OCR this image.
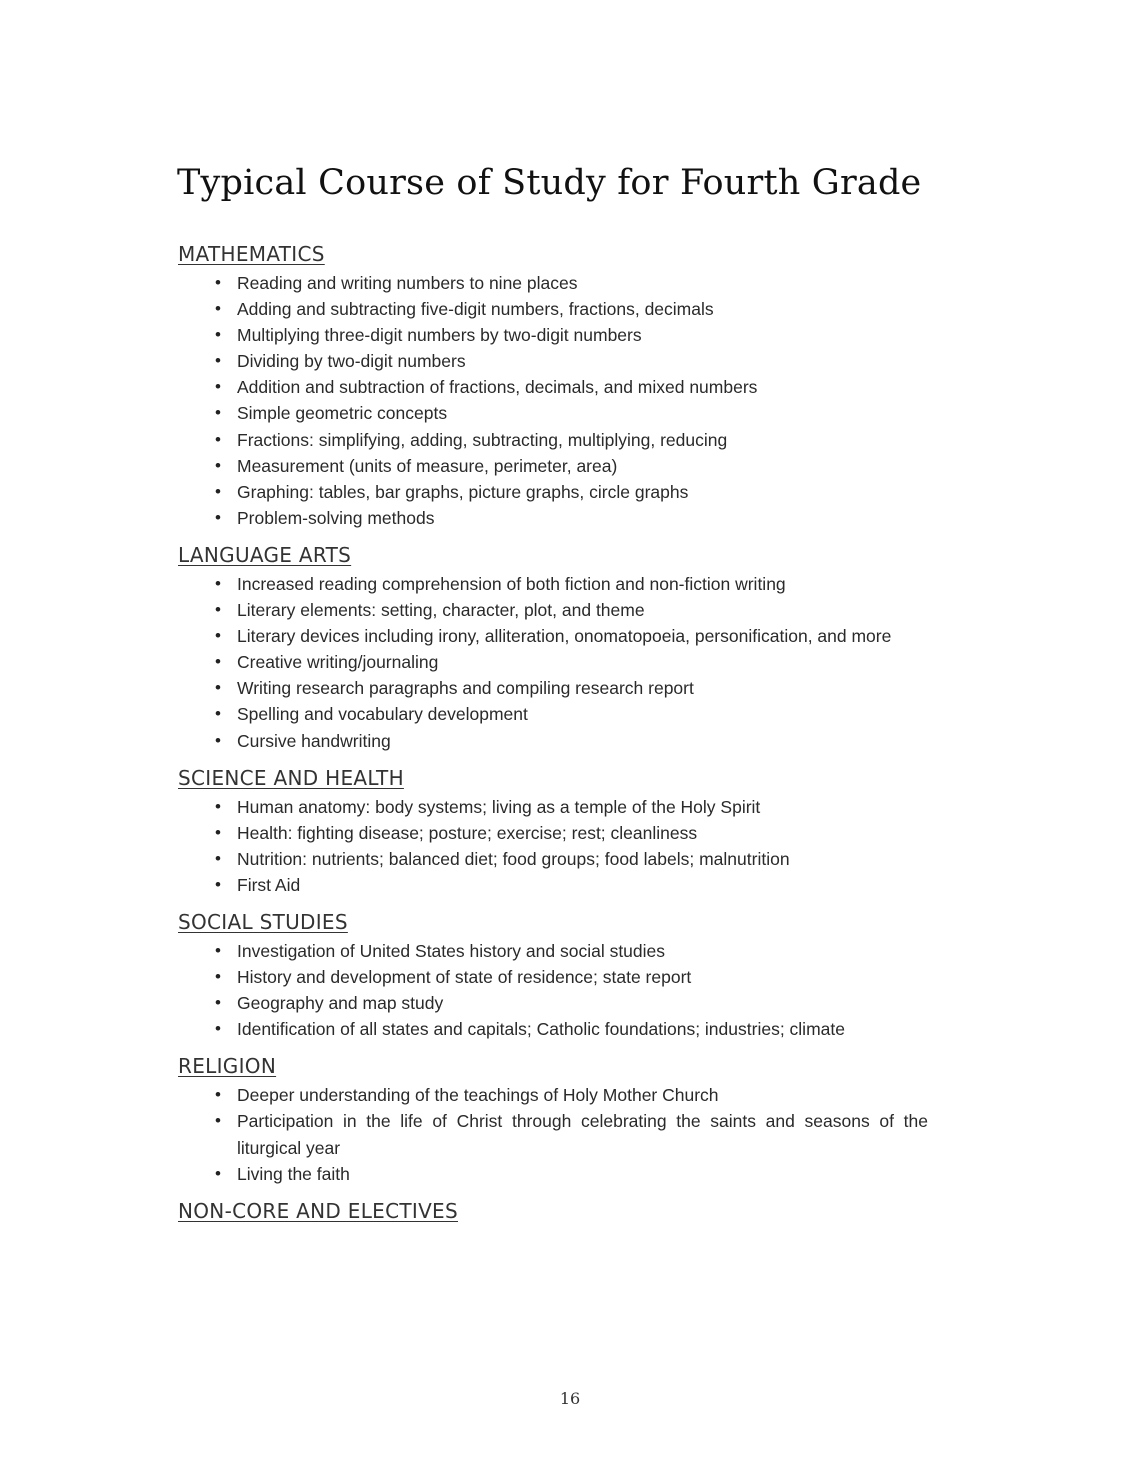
Typical Course of Study for Fourth Grade
MATHEMATICS
• Reading and writing numbers to nine places
• Adding and subtracting five-digit numbers, fractions, decimals
• Multiplying three-digit numbers by two-digit numbers
• Dividing by two-digit numbers
• Addition and subtraction of fractions, decimals, and mixed numbers
• Simple geometric concepts
• Fractions: simplifying, adding, subtracting, multiplying, reducing
• Measurement (units of measure, perimeter, area)
• Graphing: tables, bar graphs, picture graphs, circle graphs
• Problem-solving methods
LANGUAGE ARTS
• Increased reading comprehension of both fiction and non-fiction writing
• Literary elements: setting, character, plot, and theme
• Literary devices including irony, alliteration, onomatopoeia, personification, and more
• Creative writing/journaling
• Writing research paragraphs and compiling research report
• Spelling and vocabulary development
• Cursive handwriting
SCIENCE AND HEALTH
• Human anatomy: body systems; living as a temple of the Holy Spirit
• Health: fighting disease; posture; exercise; rest; cleanliness
• Nutrition: nutrients; balanced diet; food groups; food labels; malnutrition
• First Aid
SOCIAL STUDIES
• Investigation of United States history and social studies
• History and development of state of residence; state report
• Geography and map study
• Identification of all states and capitals; Catholic foundations; industries; climate
RELIGION
• Deeper understanding of the teachings of Holy Mother Church
• Participation in the life of Christ through celebrating the saints and seasons of the liturgical year
• Living the faith
NON-CORE AND ELECTIVES
16
